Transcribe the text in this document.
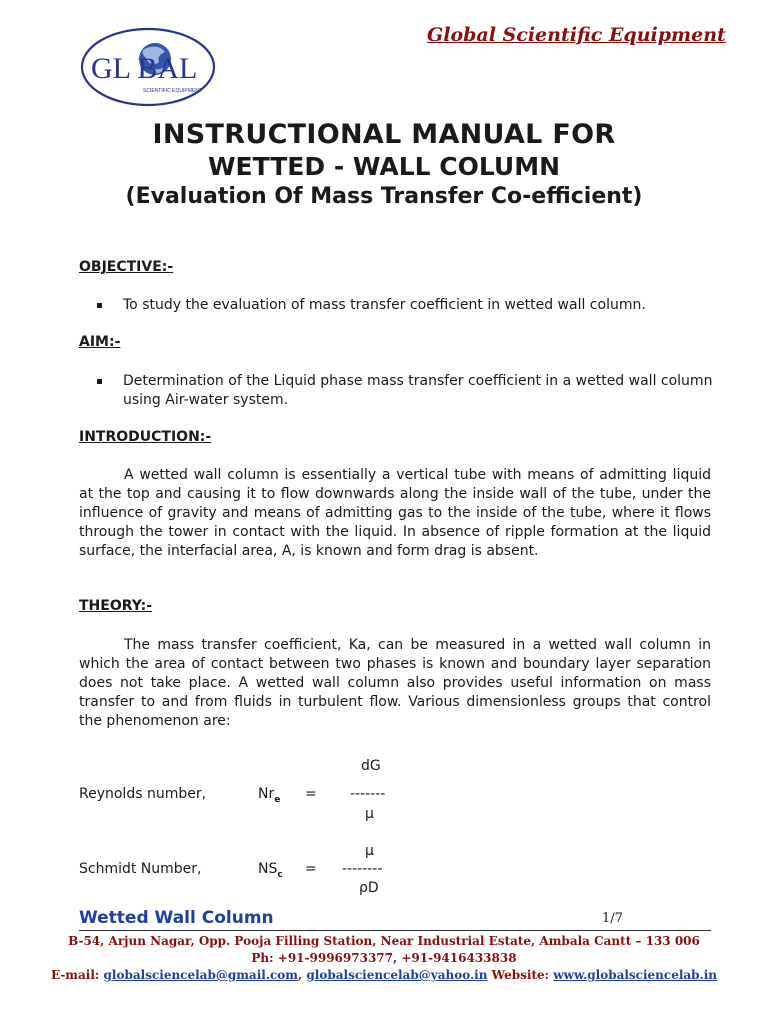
GL BAL
SCIENTIFIC EQUIPMENT
Global Scientific Equipment
INSTRUCTIONAL MANUAL FOR
WETTED - WALL COLUMN
(Evaluation Of Mass Transfer Co-efficient)
OBJECTIVE:-
To study the evaluation of mass transfer coefficient in wetted wall column.
AIM:-
Determination of the Liquid phase mass transfer coefficient in a wetted wall column using Air-water system.
INTRODUCTION:-
A wetted wall column is essentially a vertical tube with means of admitting liquid at the top and causing it to flow downwards along the inside wall of the tube, under the influence of gravity and means of admitting gas to the inside of the tube, where it flows through the tower in contact with the liquid. In absence of ripple formation at the liquid surface, the interfacial area, A, is known and form drag is absent.
THEORY:-
The mass transfer coefficient, Ka, can be measured in a wetted wall column in which the area of contact between two phases is known and boundary layer separation does not take place. A wetted wall column also provides useful information on mass transfer to and from fluids in turbulent flow. Various dimensionless groups that control the phenomenon are:
dG
Reynolds number,	$Nr_e$ = -------
μ
μ
Schmidt Number,	$NS_c$ = --------
ρD
Wetted Wall Column	1/7
B-54, Arjun Nagar, Opp. Pooja Filling Station, Near Industrial Estate, Ambala Cantt – 133 006
Ph: +91-9996973377, +91-9416433838
E-mail: globalsciencelab@gmail.com, globalsciencelab@yahoo.in Website: www.globalsciencelab.in
